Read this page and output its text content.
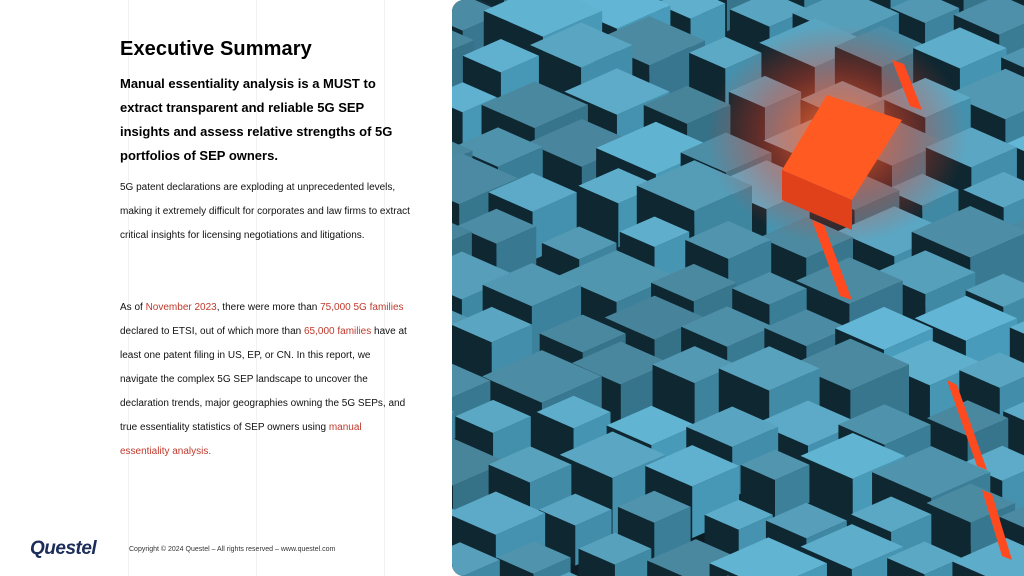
Executive Summary

Manual essentiality analysis is a MUST to extract transparent and reliable 5G SEP insights and assess relative strengths of 5G portfolios of SEP owners.

5G patent declarations are exploding at unprecedented levels, making it extremely difficult for corporates and law firms to extract critical insights for licensing negotiations and litigations.

As of November 2023, there were more than 75,000 5G families declared to ETSI, out of which more than 65,000 families have at least one patent filing in US, EP, or CN. In this report, we navigate the complex 5G SEP landscape to uncover the declaration trends, major geographies owning the 5G SEPs, and true essentiality statistics of SEP owners using manual essentiality analysis.

Questel	Copyright © 2024 Questel – All rights reserved – www.questel.com
